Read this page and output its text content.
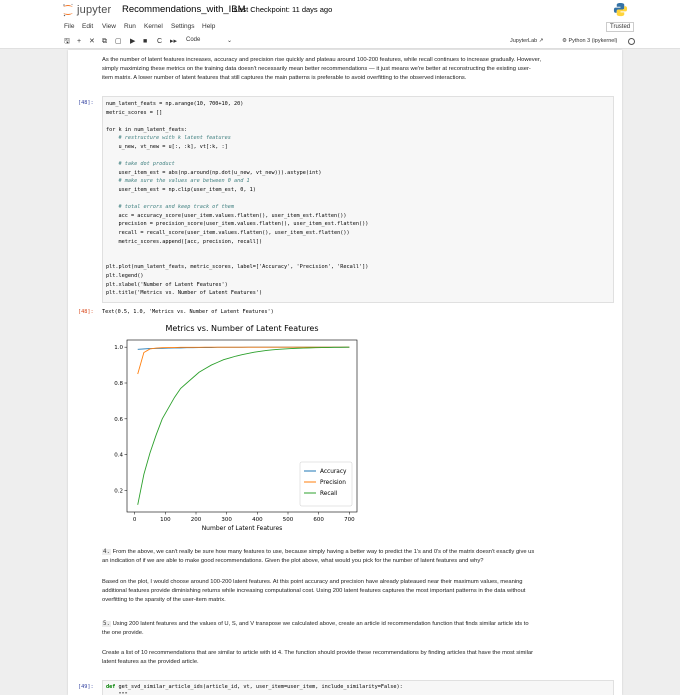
jupyter Recommendations_with_IBM
Last Checkpoint: 11 days ago
File Edit View Run Kernel Settings Help	Trusted
🖫 + ✕ ⧉ ▢ ▶ ■ C ▸▸ Code	⌄	JupyterLab ↗	⚙ Python 3 (ipykernel)
As the number of latent features increases, accuracy and precision rise quickly and plateau around 100-200 features, while recall continues to increase gradually. However,
simply maximizing these metrics on the training data doesn't necessarily mean better recommendations — it just means we're better at reconstructing the existing user-
item matrix. A lower number of latent features that still captures the main patterns is preferable to avoid overfitting to the observed interactions.
[48]: num_latent_feats = np.arange(10, 700+10, 20)
metric_scores = []
for k in num_latent_feats:
# restructure with k latent features
u_new, vt_new = u[:, :k], vt[:k, :]
# take dot product
user_item_est = abs(np.around(np.dot(u_new, vt_new))).astype(int)
# make sure the values are between 0 and 1
user_item_est = np.clip(user_item_est, 0, 1)
# total errors and keep track of them
acc = accuracy_score(user_item.values.flatten(), user_item_est.flatten())
precision = precision_score(user_item.values.flatten(), user_item_est.flatten())
recall = recall_score(user_item.values.flatten(), user_item_est.flatten())
metric_scores.append([acc, precision, recall])
plt.plot(num_latent_feats, metric_scores, label=['Accuracy', 'Precision', 'Recall'])
plt.legend()
plt.xlabel('Number of Latent Features')
plt.title('Metrics vs. Number of Latent Features')
[48]: Text(0.5, 1.0, 'Metrics vs. Number of Latent Features')
Metrics vs. Number of Latent Features
0	100	200	300	400	500	600	700
0.2
0.4
0.6
0.8
1.0
Number of Latent Features
Accuracy
Precision
Recall
4. From the above, we can't really be sure how many features to use, because simply having a better way to predict the 1's and 0's of the matrix doesn't exactly give us
an indication of if we are able to make good recommendations. Given the plot above, what would you pick for the number of latent features and why?
Based on the plot, I would choose around 100-200 latent features. At this point accuracy and precision have already plateaued near their maximum values, meaning
additional features provide diminishing returns while increasing computational cost. Using 200 latent features captures the most important patterns in the data without
overfitting to the sparsity of the user-item matrix.
5. Using 200 latent features and the values of U, S, and V transpose we calculated above, create an article id recommendation function that finds similar article ids to
the one provide.
Create a list of 10 recommendations that are similar to article with id 4. The function should provide these recommendations by finding articles that have the most similar
latent features as the provided article.
[49]: def get_svd_similar_article_ids(article_id, vt, user_item=user_item, include_similarity=False):
"""
